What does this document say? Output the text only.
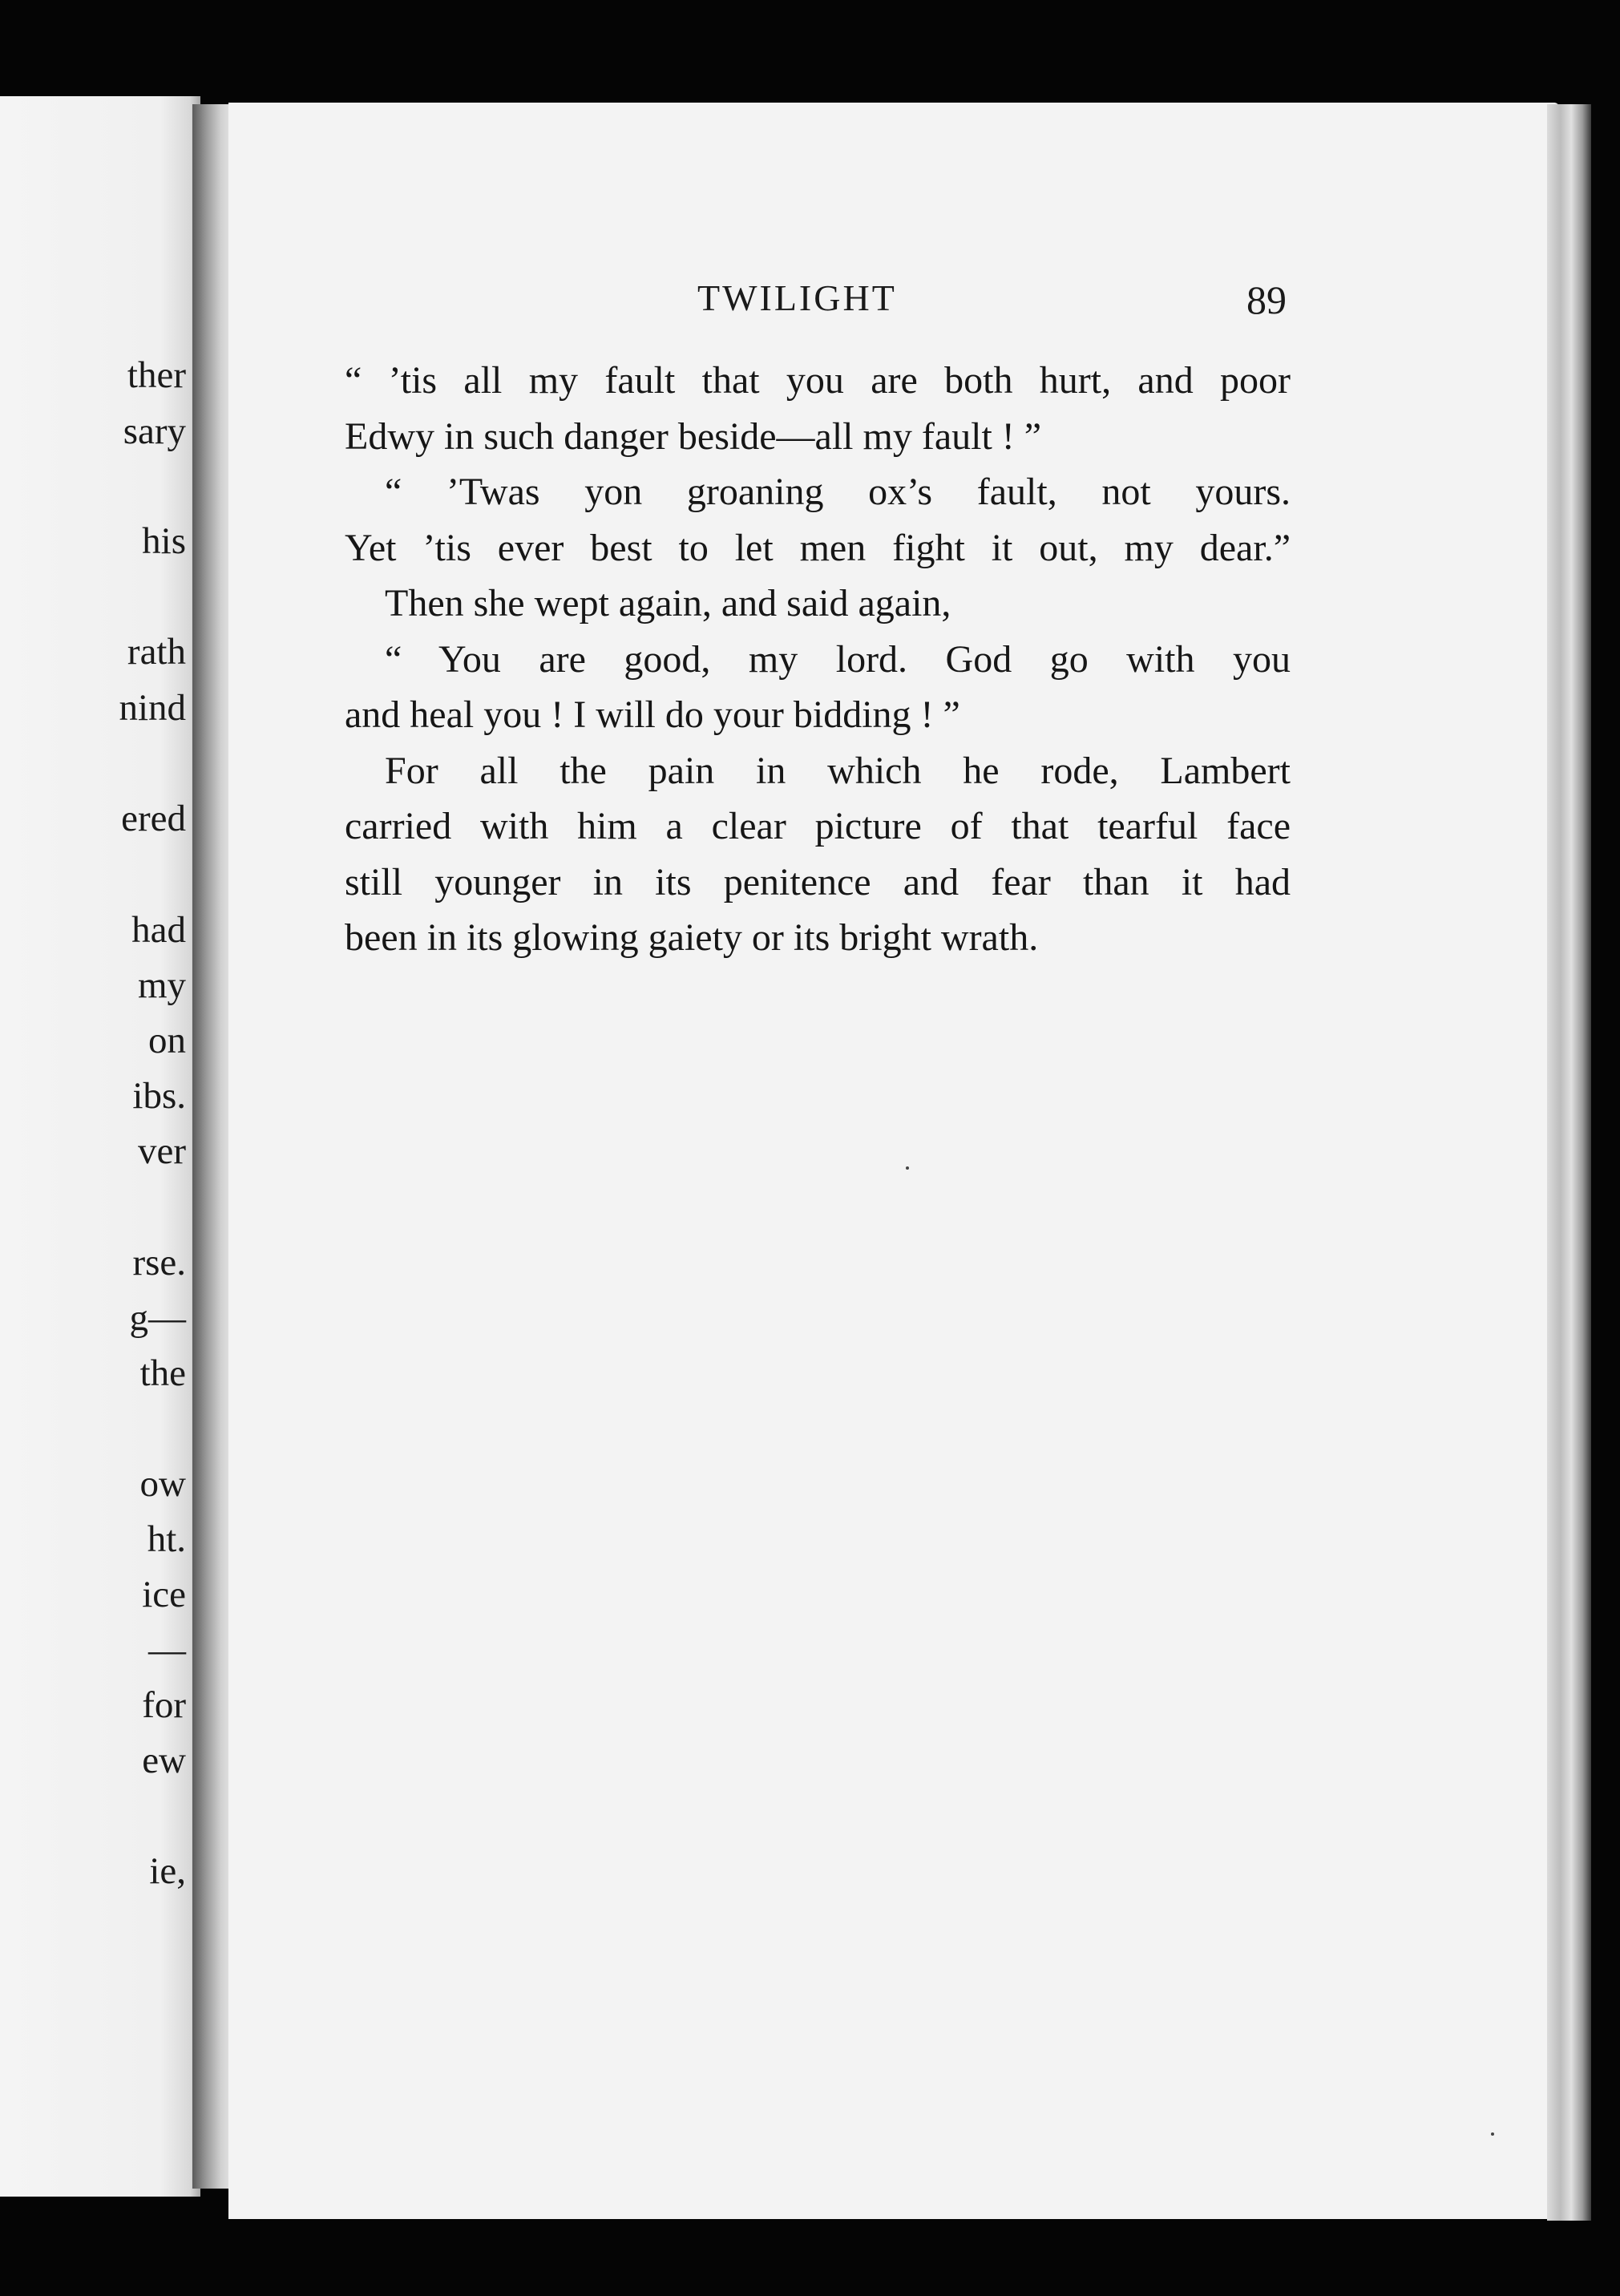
ther
sary
his
rath
nind
ered
had
my
on
ibs.
ver
rse.
g—
the
ow
ht.
ice
—
for
ew
ie,
TWILIGHT	89
“ ’tis all my fault that you are both hurt, and poor
Edwy in such danger beside—all my fault ! ”
“ ’Twas yon groaning ox’s fault, not yours.
Yet ’tis ever best to let men fight it out, my dear.”
Then she wept again, and said again,
“ You are good, my lord. God go with you
and heal you ! I will do your bidding ! ”
For all the pain in which he rode, Lambert
carried with him a clear picture of that tearful face
still younger in its penitence and fear than it had
been in its glowing gaiety or its bright wrath.
